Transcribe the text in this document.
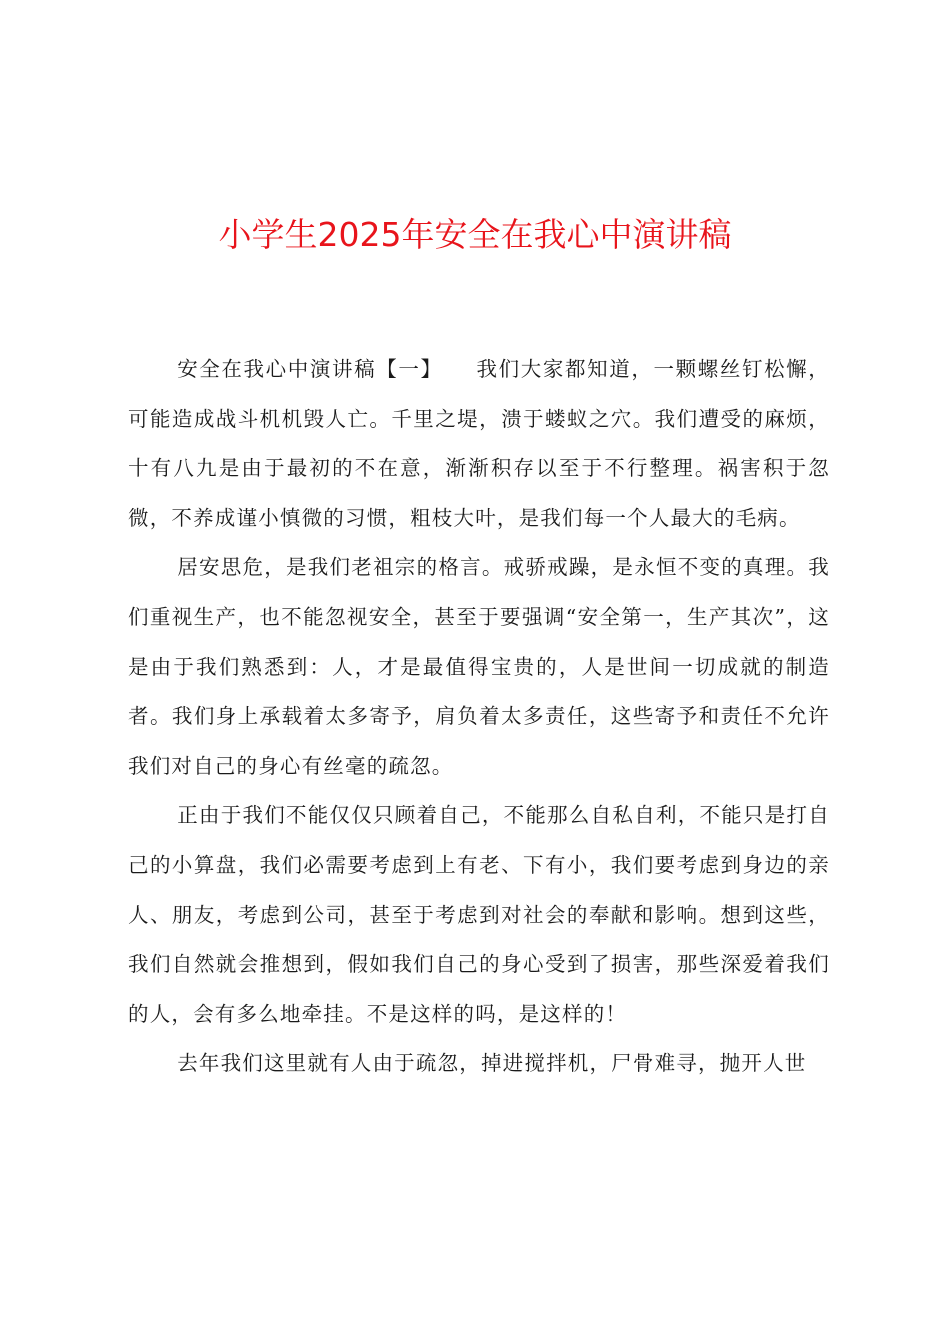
小学生2025年安全在我心中演讲稿

安全在我心中演讲稿【一】　　我们大家都知道，一颗螺丝钉松懈，可能造成战斗机机毁人亡。千里之堤，溃于蝼蚁之穴。我们遭受的麻烦，十有八九是由于最初的不在意，渐渐积存以至于不行整理。祸害积于忽微，不养成谨小慎微的习惯，粗枝大叶，是我们每一个人最大的毛病。

居安思危，是我们老祖宗的格言。戒骄戒躁，是永恒不变的真理。我们重视生产，也不能忽视安全，甚至于要强调“安全第一，生产其次”，这是由于我们熟悉到：人，才是最值得宝贵的，人是世间一切成就的制造者。我们身上承载着太多寄予，肩负着太多责任，这些寄予和责任不允许我们对自己的身心有丝毫的疏忽。

正由于我们不能仅仅只顾着自己，不能那么自私自利，不能只是打自己的小算盘，我们必需要考虑到上有老、下有小，我们要考虑到身边的亲人、朋友，考虑到公司，甚至于考虑到对社会的奉献和影响。想到这些，我们自然就会推想到，假如我们自己的身心受到了损害，那些深爱着我们的人，会有多么地牵挂。不是这样的吗，是这样的！

去年我们这里就有人由于疏忽，掉进搅拌机，尸骨难寻，抛开人世
